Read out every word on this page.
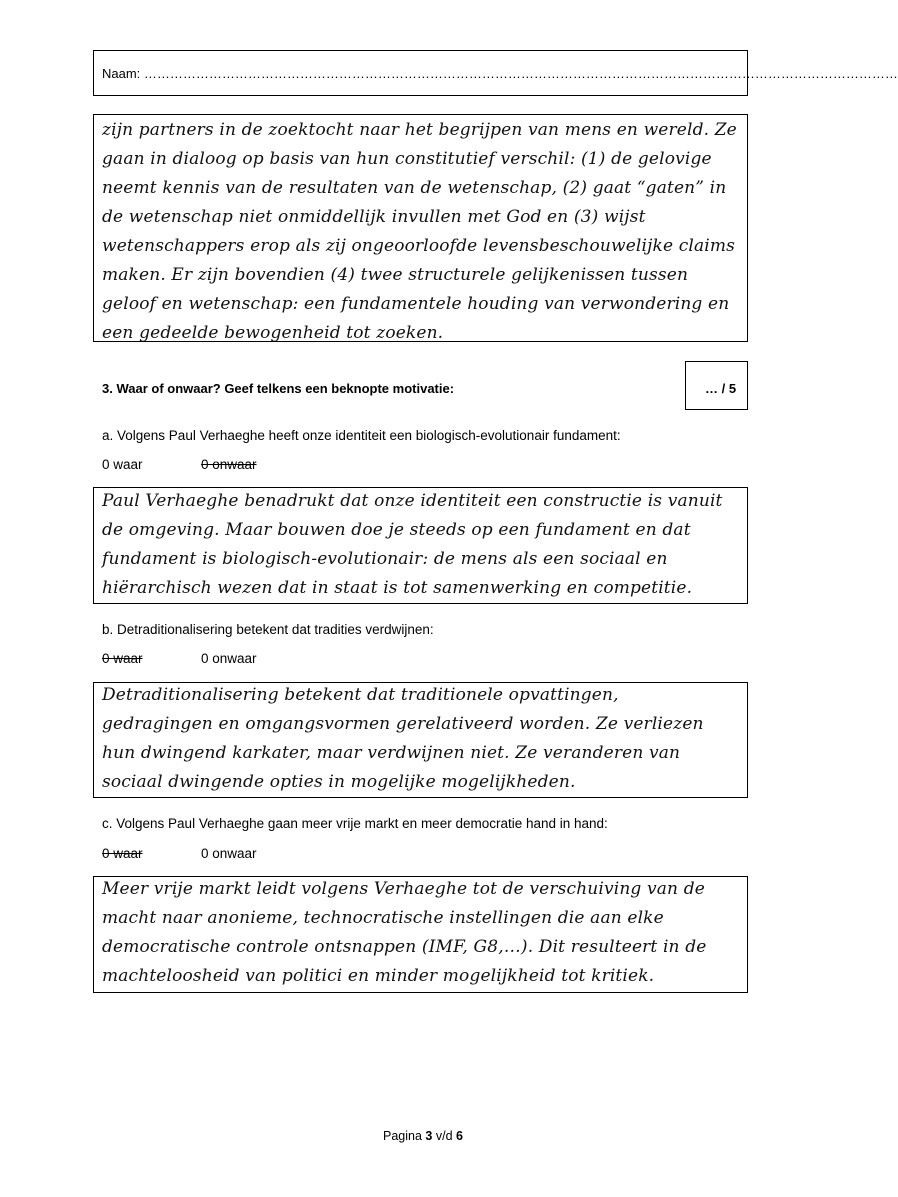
Naam: …………………………………………………………………………………………………………………………………………………………
zijn partners in de zoektocht naar het begrijpen van mens en wereld. Ze
gaan in dialoog op basis van hun constitutief verschil: (1) de gelovige
neemt kennis van de resultaten van de wetenschap, (2) gaat “gaten” in
de wetenschap niet onmiddellijk invullen met God en (3) wijst
wetenschappers erop als zij ongeoorloofde levensbeschouwelijke claims
maken. Er zijn bovendien (4) twee structurele gelijkenissen tussen
geloof en wetenschap: een fundamentele houding van verwondering en
een gedeelde bewogenheid tot zoeken.
3. Waar of onwaar? Geef telkens een beknopte motivatie:	… / 5
a. Volgens Paul Verhaeghe heeft onze identiteit een biologisch-evolutionair fundament:
0 waar	0 onwaar
Paul Verhaeghe benadrukt dat onze identiteit een constructie is vanuit
de omgeving. Maar bouwen doe je steeds op een fundament en dat
fundament is biologisch-evolutionair: de mens als een sociaal en
hiërarchisch wezen dat in staat is tot samenwerking en competitie.
b. Detraditionalisering betekent dat tradities verdwijnen:
0 waar	0 onwaar
Detraditionalisering betekent dat traditionele opvattingen,
gedragingen en omgangsvormen gerelativeerd worden. Ze verliezen
hun dwingend karkater, maar verdwijnen niet. Ze veranderen van
sociaal dwingende opties in mogelijke mogelijkheden.
c. Volgens Paul Verhaeghe gaan meer vrije markt en meer democratie hand in hand:
0 waar	0 onwaar
Meer vrije markt leidt volgens Verhaeghe tot de verschuiving van de
macht naar anonieme, technocratische instellingen die aan elke
democratische controle ontsnappen (IMF, G8,…). Dit resulteert in de
machteloosheid van politici en minder mogelijkheid tot kritiek.
Pagina 3 v/d 6
